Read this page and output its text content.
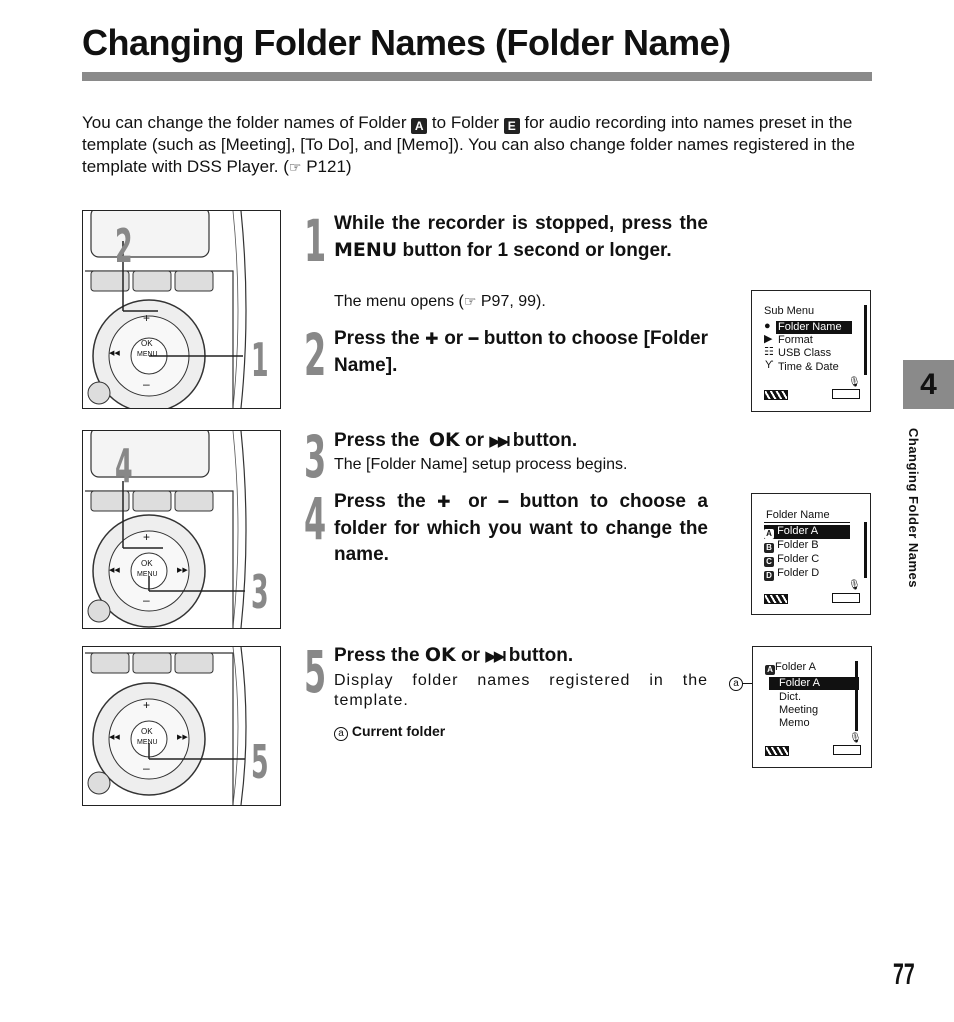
Changing Folder Names (Folder Name)
You can change the folder names of Folder A to Folder E for audio recording into names preset in the template (such as [Meeting], [To Do], and [Memo]). You can also change folder names registered in the template with DSS Player. (☞ P121)
OK
MENU
+
–
◀◀
2
1
OK
MENU
+
–
◀◀	▶▶
4
3
OK
MENU
+
–
◀◀	▶▶ 5
1 While the recorder is stopped, press the MENU button for 1 second or longer.
The menu opens (☞ P97, 99).
2 Press the ✚ or ━ button to choose [Folder Name].
Sub Menu
●
▶
☷
Ƴ
Folder Name
Format
USB Class
Time & Date
🎙︎
3 Press the OK or ▶▶I button.
The [Folder Name] setup process begins.
4 Press the ✚ or ━ button to choose a folder for which you want to change the name.
Folder Name
A Folder A
B Folder B
C Folder C
D Folder D
🎙︎
5 Press the OK or ▶▶I button.
Display folder names registered in the template.
a Current folder
a
A Folder A
Folder A
Dict.
Meeting
Memo
🎙︎
4
Changing Folder Names
77
